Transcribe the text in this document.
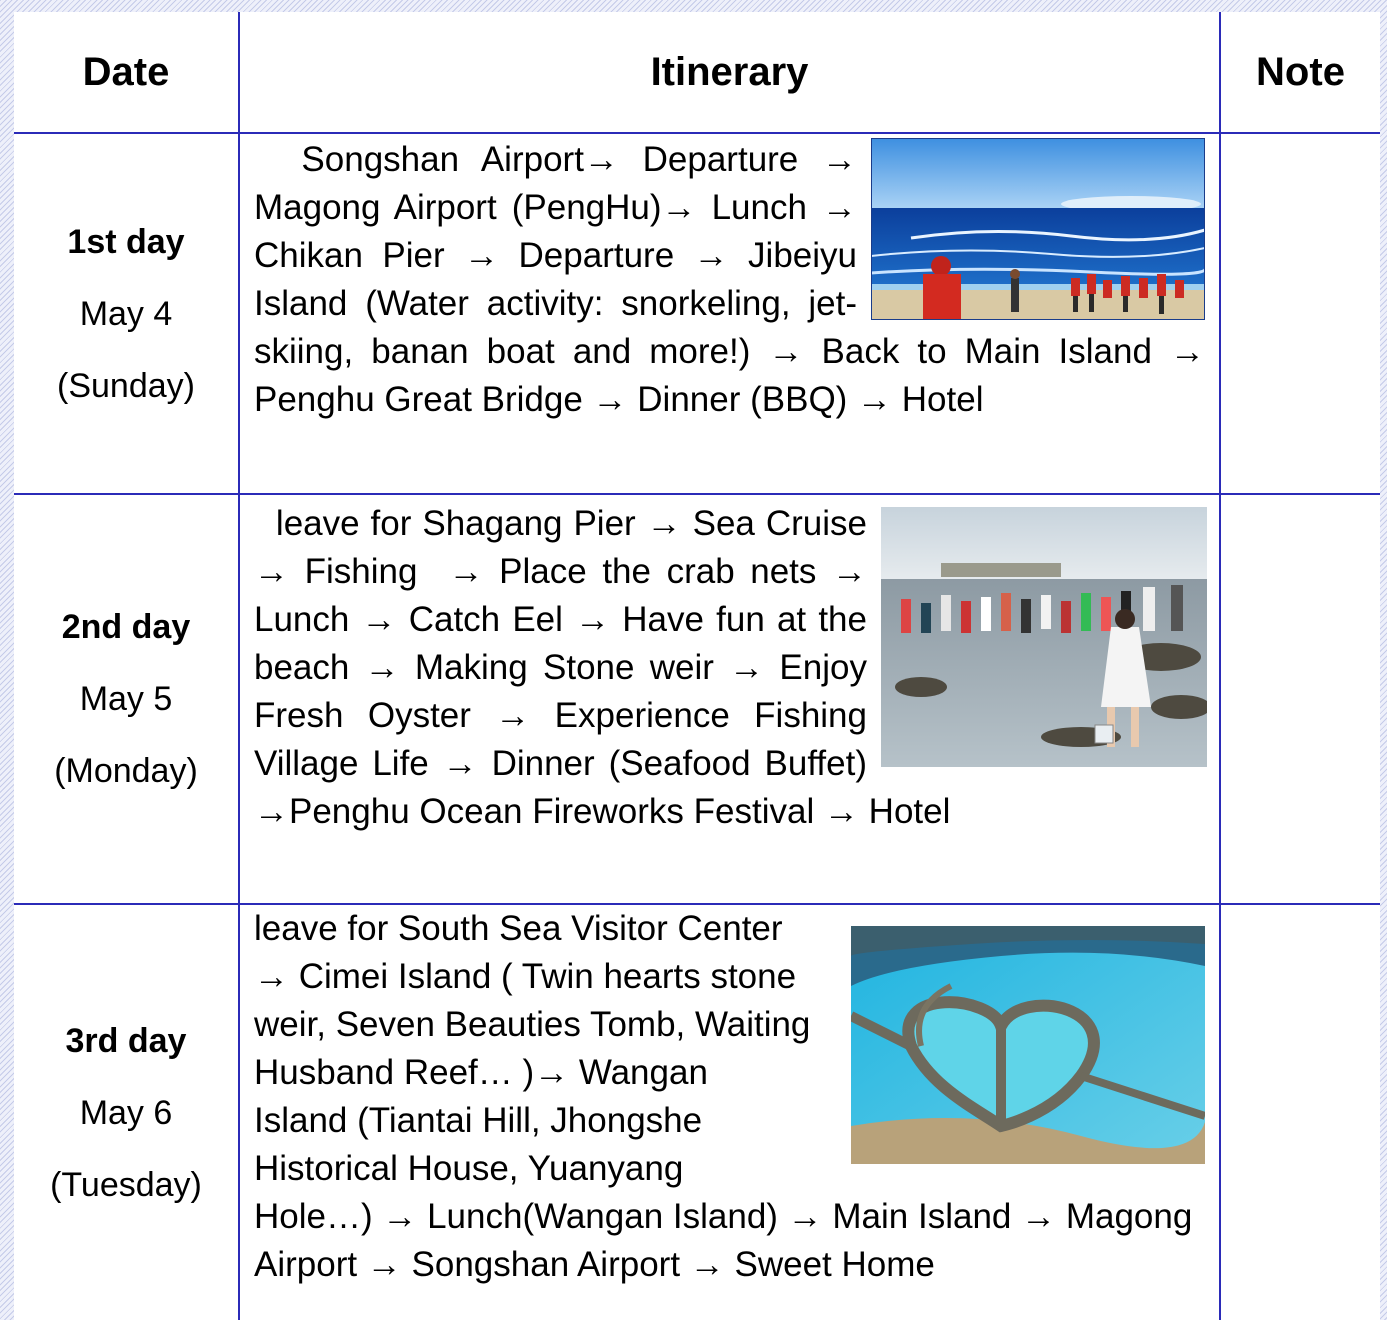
Date	Itinerary	Note
1st day
May 4
(Sunday)
Songshan Airport→ Departure → Magong Airport (PengHu)→ Lunch → Chikan Pier → Departure → Jibeiyu Island (Water activity: snorkeling, jet-skiing, banan boat and more!) → Back to Main Island → Penghu Great Bridge → Dinner (BBQ) → Hotel
2nd day
May 5
(Monday)
leave for Shagang Pier → Sea Cruise → Fishing  → Place the crab nets → Lunch → Catch Eel → Have fun at the beach → Making Stone weir → Enjoy Fresh Oyster → Experience Fishing Village Life → Dinner (Seafood Buffet) →Penghu Ocean Fireworks Festival → Hotel
3rd day
May 6
(Tuesday)
leave for South Sea Visitor Center → Cimei Island ( Twin hearts stone weir, Seven Beauties Tomb, Waiting Husband Reef… )→ Wangan Island (Tiantai Hill, Jhongshe Historical House, Yuanyang Hole…) → Lunch(Wangan Island) → Main Island → Magong Airport → Songshan Airport → Sweet Home
